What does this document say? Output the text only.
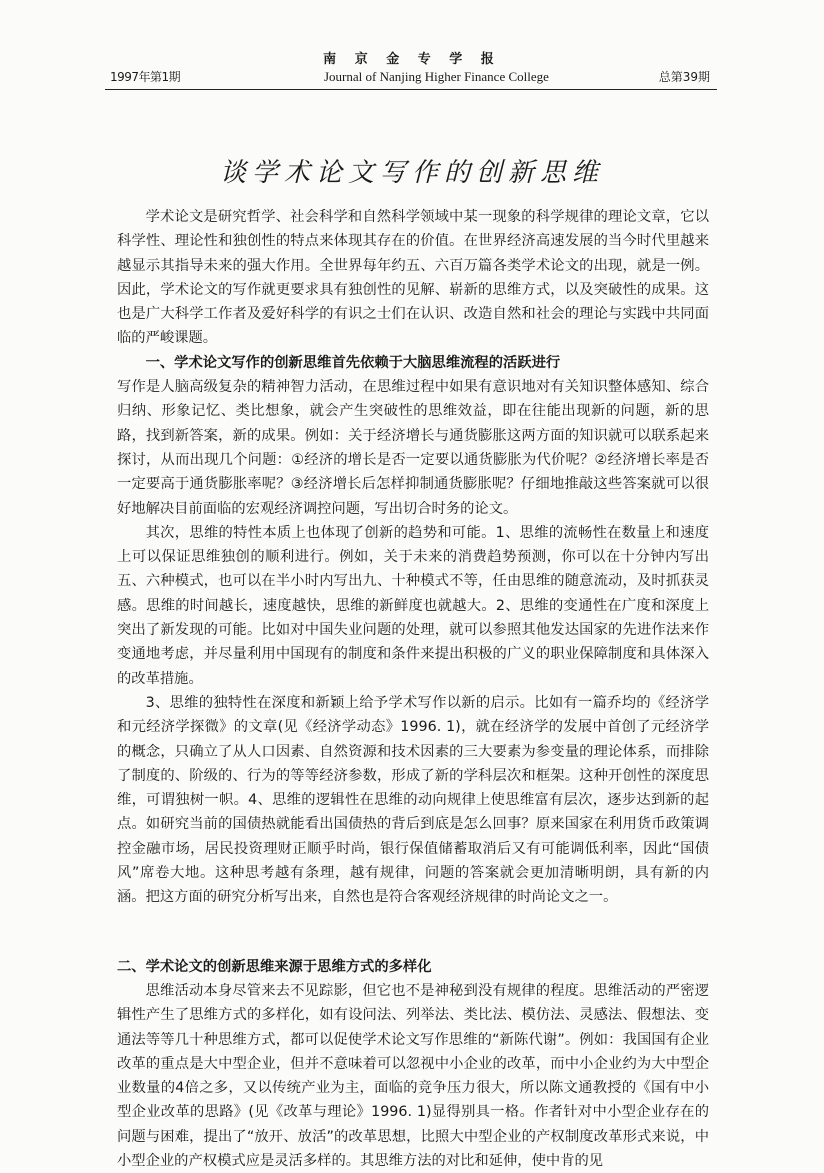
南 京 金 专 学 报
1997年第1期	Journal of Nanjing Higher Finance College	总第39期
谈学术论文写作的创新思维

学术论文是研究哲学、社会科学和自然科学领域中某一现象的科学规律的理论文章，它以科学性、理论性和独创性的特点来体现其存在的价值。在世界经济高速发展的当今时代里越来越显示其指导未来的强大作用。全世界每年约五、六百万篇各类学术论文的出现，就是一例。因此，学术论文的写作就更要求具有独创性的见解、崭新的思维方式，以及突破性的成果。这也是广大科学工作者及爱好科学的有识之士们在认识、改造自然和社会的理论与实践中共同面临的严峻课题。

一、学术论文写作的创新思维首先依赖于大脑思维流程的活跃进行

写作是人脑高级复杂的精神智力活动，在思维过程中如果有意识地对有关知识整体感知、综合归纳、形象记忆、类比想象，就会产生突破性的思维效益，即在往能出现新的问题，新的思路，找到新答案，新的成果。例如：关于经济增长与通货膨胀这两方面的知识就可以联系起来探讨，从而出现几个问题：①经济的增长是否一定要以通货膨胀为代价呢？②经济增长率是否一定要高于通货膨胀率呢？③经济增长后怎样抑制通货膨胀呢？仔细地推敲这些答案就可以很好地解决目前面临的宏观经济调控问题，写出切合时务的论文。

其次，思维的特性本质上也体现了创新的趋势和可能。1、思维的流畅性在数量上和速度上可以保证思维独创的顺利进行。例如，关于未来的消费趋势预测，你可以在十分钟内写出五、六种模式，也可以在半小时内写出九、十种模式不等，任由思维的随意流动，及时抓获灵感。思维的时间越长，速度越快，思维的新鲜度也就越大。2、思维的变通性在广度和深度上突出了新发现的可能。比如对中国失业问题的处理，就可以参照其他发达国家的先进作法来作变通地考虑，并尽量利用中国现有的制度和条件来提出积极的广义的职业保障制度和具体深入的改革措施。

3、思维的独特性在深度和新颖上给予学术写作以新的启示。比如有一篇乔均的《经济学和元经济学探微》的文章(见《经济学动态》1996. 1)，就在经济学的发展中首创了元经济学的概念，只确立了从人口因素、自然资源和技术因素的三大要素为参变量的理论体系，而排除了制度的、阶级的、行为的等等经济参数，形成了新的学科层次和框架。这种开创性的深度思维，可谓独树一帜。4、思维的逻辑性在思维的动向规律上使思维富有层次，逐步达到新的起点。如研究当前的国债热就能看出国债热的背后到底是怎么回事？原来国家在利用货币政策调控金融市场，居民投资理财正顺乎时尚，银行保值储蓄取消后又有可能调低利率，因此“国债风”席卷大地。这种思考越有条理，越有规律，问题的答案就会更加清晰明朗，具有新的内涵。把这方面的研究分析写出来，自然也是符合客观经济规律的时尚论文之一。

二、学术论文的创新思维来源于思维方式的多样化

思维活动本身尽管来去不见踪影，但它也不是神秘到没有规律的程度。思维活动的严密逻辑性产生了思维方式的多样化，如有设问法、列举法、类比法、模仿法、灵感法、假想法、变通法等等几十种思维方式，都可以促使学术论文写作思维的“新陈代谢”。例如：我国国有企业改革的重点是大中型企业，但并不意味着可以忽视中小企业的改革，而中小企业约为大中型企业数量的4倍之多，又以传统产业为主，面临的竞争压力很大，所以陈文通教授的《国有中小型企业改革的思路》(见《改革与理论》1996. 1)显得别具一格。作者针对中小型企业存在的问题与困难，提出了“放开、放活”的改革思想，比照大中型企业的产权制度改革形式来说，中小型企业的产权模式应是灵活多样的。其思维方法的对比和延伸，使中肯的见
